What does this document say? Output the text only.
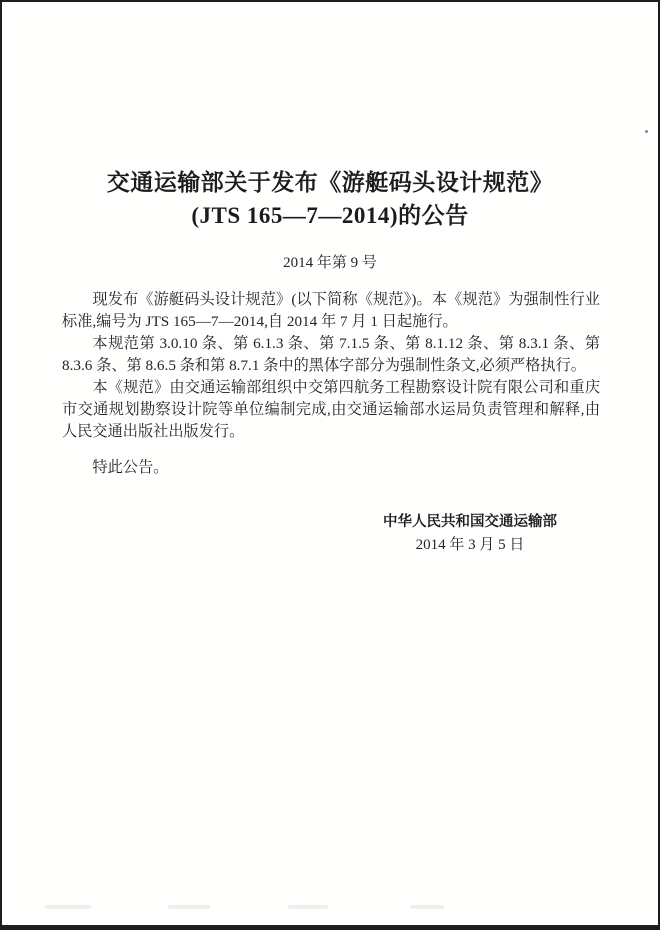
交通运输部关于发布《游艇码头设计规范》
(JTS 165—7—2014)的公告
2014 年第 9 号

现发布《游艇码头设计规范》(以下简称《规范》)。本《规范》为强制性行业标准,编号为 JTS 165—7—2014,自 2014 年 7 月 1 日起施行。

本规范第 3.0.10 条、第 6.1.3 条、第 7.1.5 条、第 8.1.12 条、第 8.3.1 条、第 8.3.6 条、第 8.6.5 条和第 8.7.1 条中的黑体字部分为强制性条文,必须严格执行。

本《规范》由交通运输部组织中交第四航务工程勘察设计院有限公司和重庆市交通规划勘察设计院等单位编制完成,由交通运输部水运局负责管理和解释,由人民交通出版社出版发行。

特此公告。

中华人民共和国交通运输部
2014 年 3 月 5 日
